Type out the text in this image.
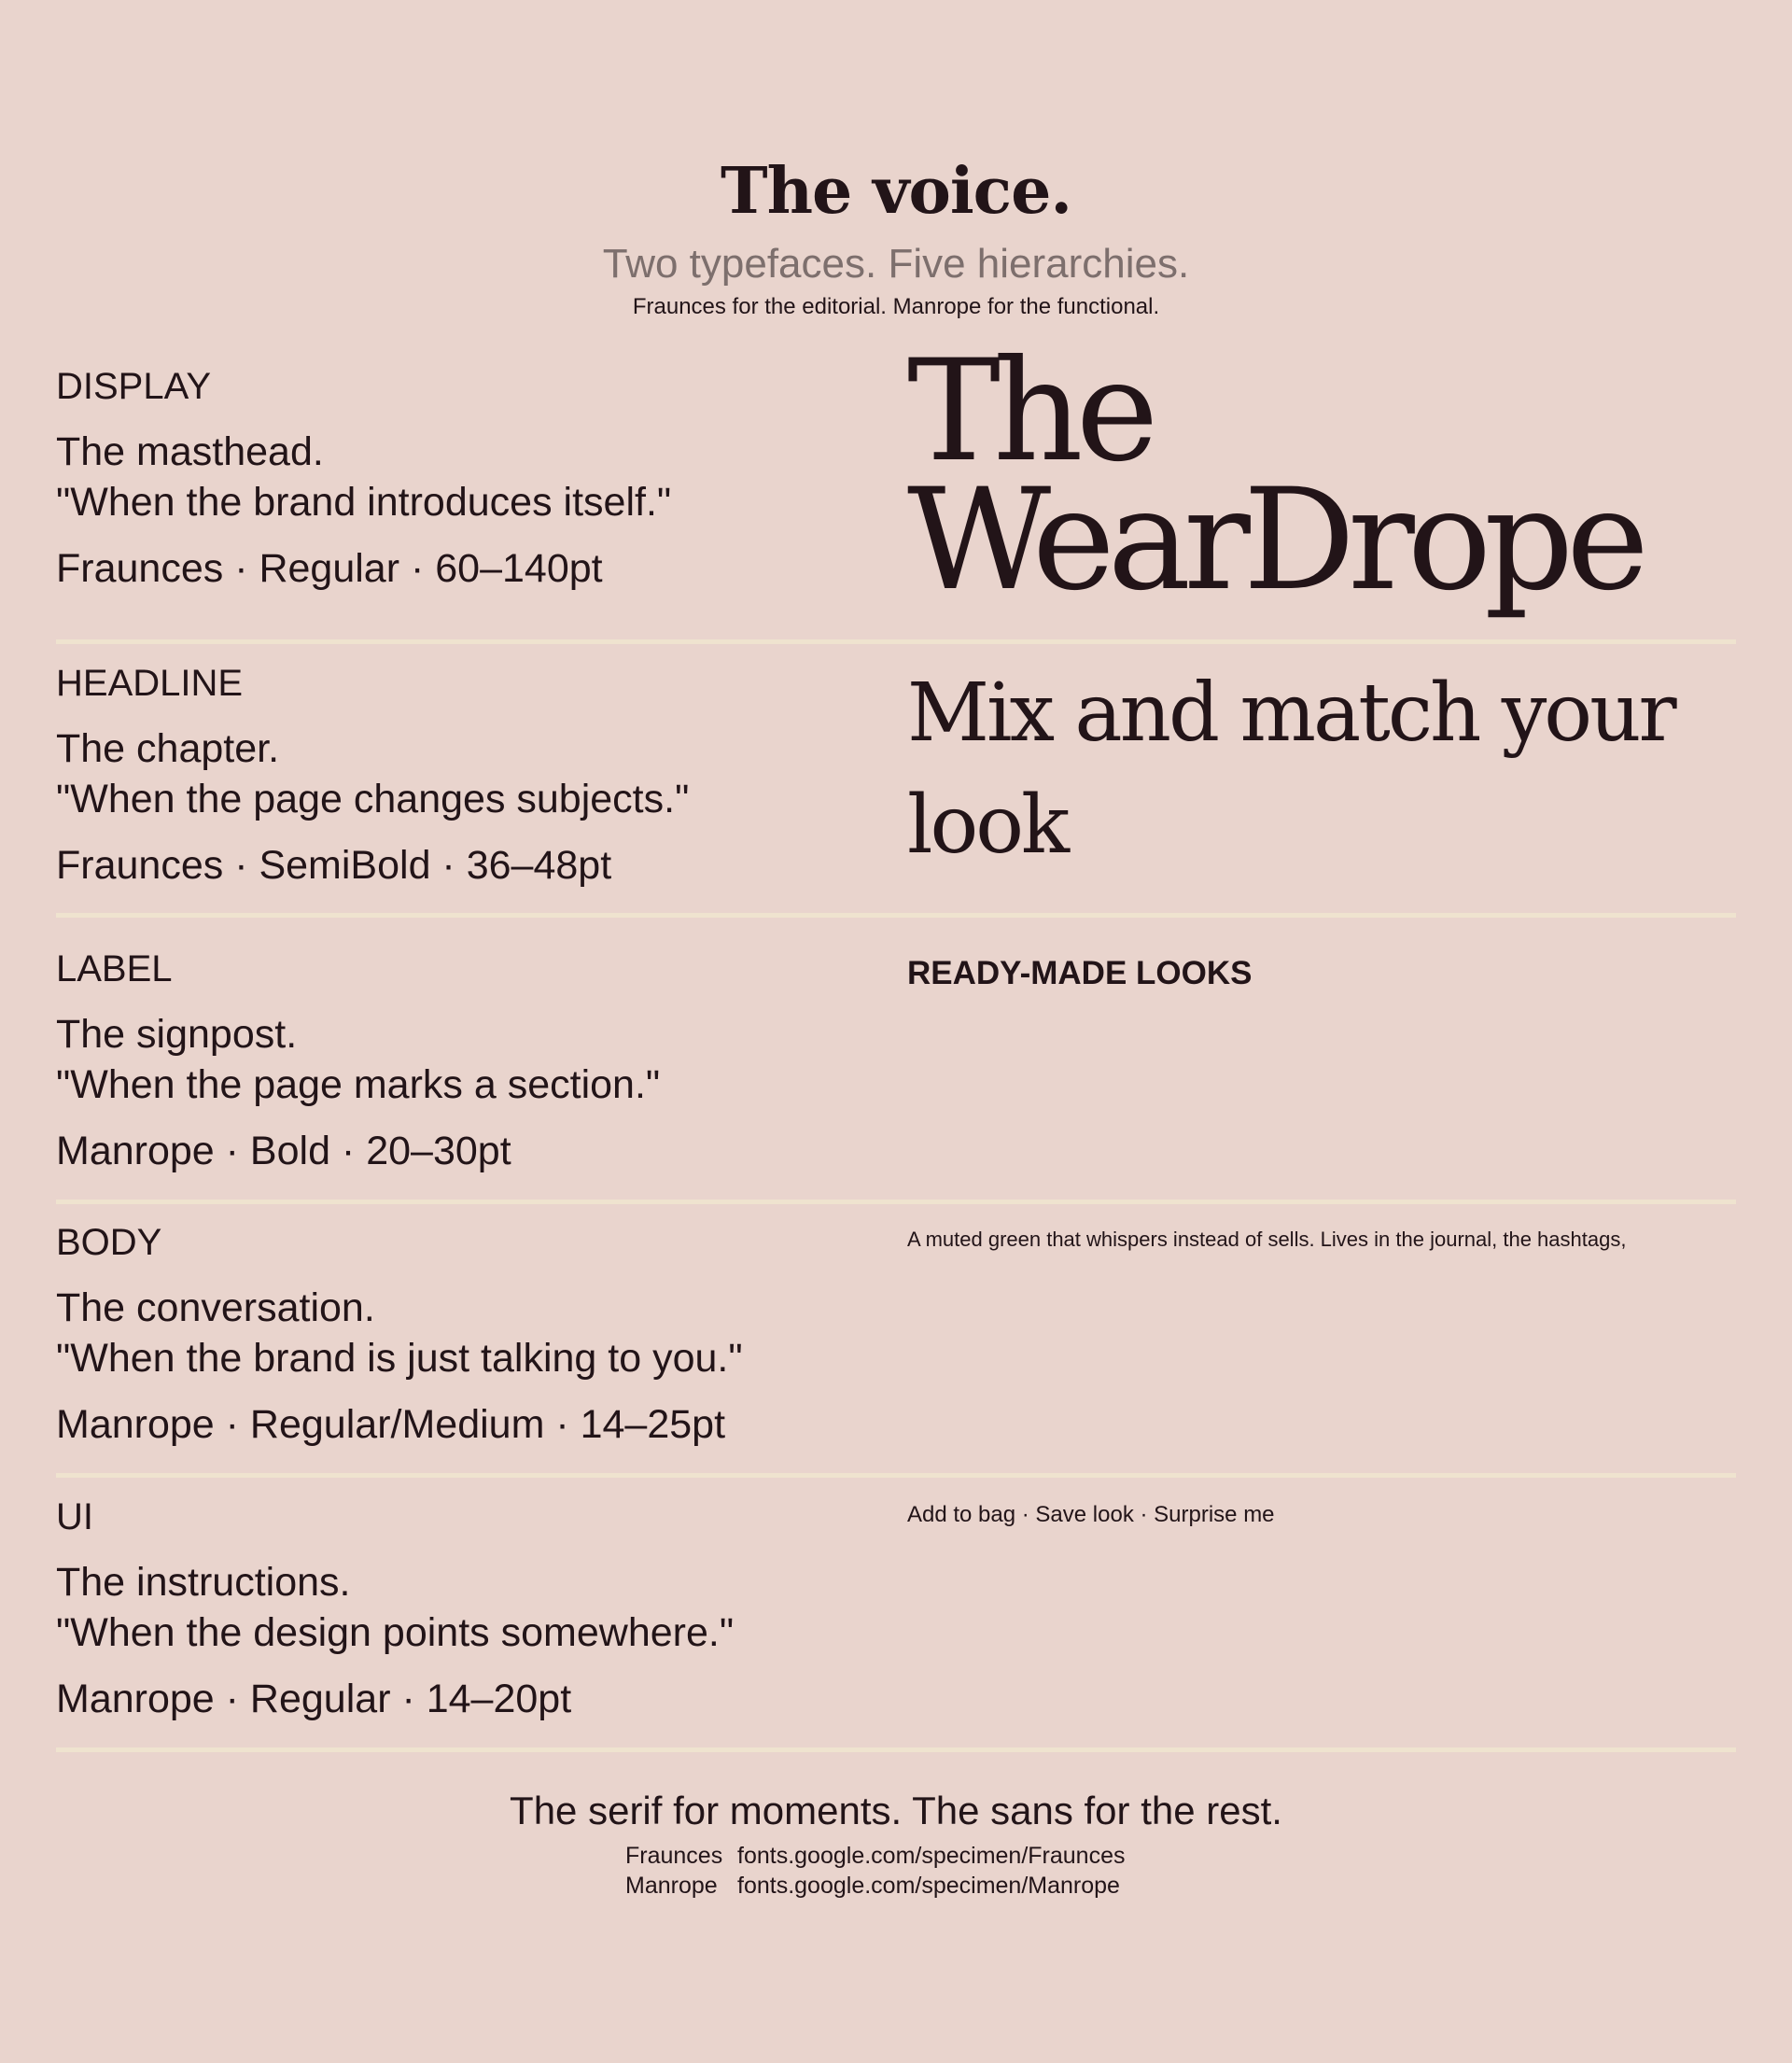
The voice.
Two typefaces. Five hierarchies.
Fraunces for the editorial. Manrope for the functional.
DISPLAY
The masthead.
"When the brand introduces itself."
Fraunces · Regular · 60–140pt
The
WearDrope
HEADLINE
The chapter.
"When the page changes subjects."
Fraunces · SemiBold · 36–48pt
Mix and match your
look
LABEL
The signpost.
"When the page marks a section."
Manrope · Bold · 20–30pt
READY-MADE LOOKS
BODY
The conversation.
"When the brand is just talking to you."
Manrope · Regular/Medium · 14–25pt
A muted green that whispers instead of sells. Lives in the journal, the hashtags,
UI
The instructions.
"When the design points somewhere."
Manrope · Regular · 14–20pt
Add to bag · Save look · Surprise me
The serif for moments. The sans for the rest.
Fraunces fonts.google.com/specimen/Fraunces
Manrope fonts.google.com/specimen/Manrope
